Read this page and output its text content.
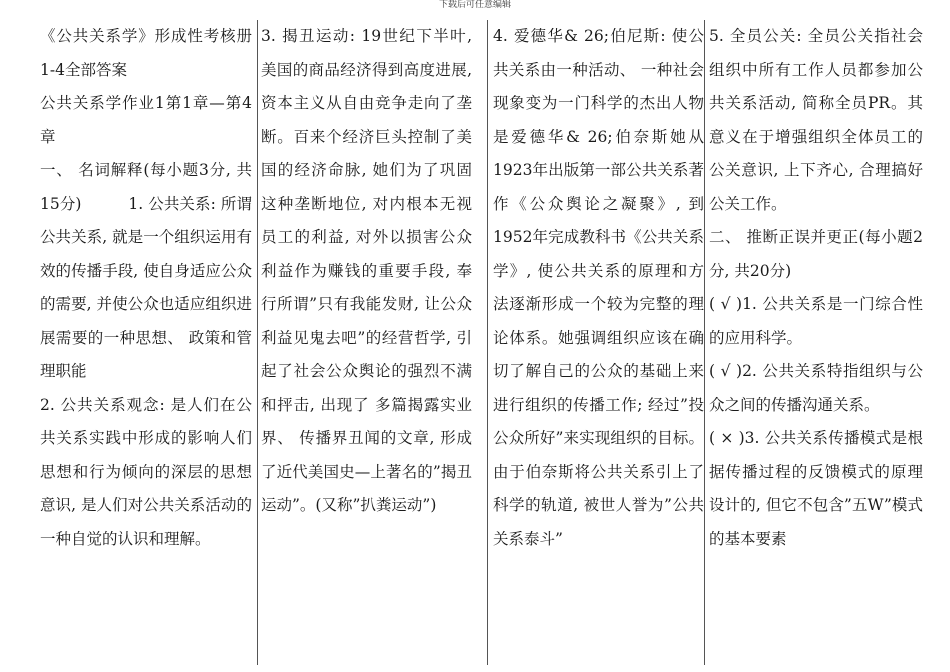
下载后可任意编辑

《公共关系学》形成性考核册1-4全部答案

公共关系学作业1第1章—第4章

一、 名词解释(每小题3分, 共15分)　　　1. 公共关系: 所谓公共关系, 就是一个组织运用有效的传播手段, 使自身适应公众的需要, 并使公众也适应组织进展需要的一种思想、 政策和管理职能

2. 公共关系观念: 是人们在公共关系实践中形成的影响人们思想和行为倾向的深层的思想意识, 是人们对公共关系活动的一种自觉的认识和理解。

3. 揭丑运动: 19世纪下半叶, 美国的商品经济得到高度进展, 资本主义从自由竞争走向了垄断。百来个经济巨头控制了美国的经济命脉, 她们为了巩固这种垄断地位, 对内根本无视员工的利益, 对外以损害公众利益作为赚钱的重要手段, 奉行所谓”只有我能发财, 让公众利益见鬼去吧”的经营哲学, 引起了社会公众舆论的强烈不满和抨击, 出现了 多篇揭露实业界、 传播界丑闻的文章, 形成了近代美国史—上著名的”揭丑运动”。(又称”扒粪运动”)

4. 爱德华& 26;伯尼斯: 使公共关系由一种活动、 一种社会现象变为一门科学的杰出人物是爱德华& 26;伯奈斯她从1923年出版第一部公共关系著作《公众舆论之凝聚》, 到1952年完成教科书《公共关系学》, 使公共关系的原理和方法逐渐形成一个较为完整的理论体系。她强调组织应该在确切了解自己的公众的基础上来进行组织的传播工作; 经过”投公众所好”来实现组织的目标。由于伯奈斯将公共关系引上了科学的轨道, 被世人誉为”公共关系泰斗”

5. 全员公关: 全员公关指社会组织中所有工作人员都参加公共关系活动, 简称全员PR。其意义在于增强组织全体员工的公关意识, 上下齐心, 合理搞好公关工作。

二、 推断正误并更正(每小题2分, 共20分)

( √ )1. 公共关系是一门综合性的应用科学。

( √ )2. 公共关系特指组织与公众之间的传播沟通关系。

( × )3. 公共关系传播模式是根据传播过程的反馈模式的原理设计的, 但它不包含”五W”模式的基本要素
